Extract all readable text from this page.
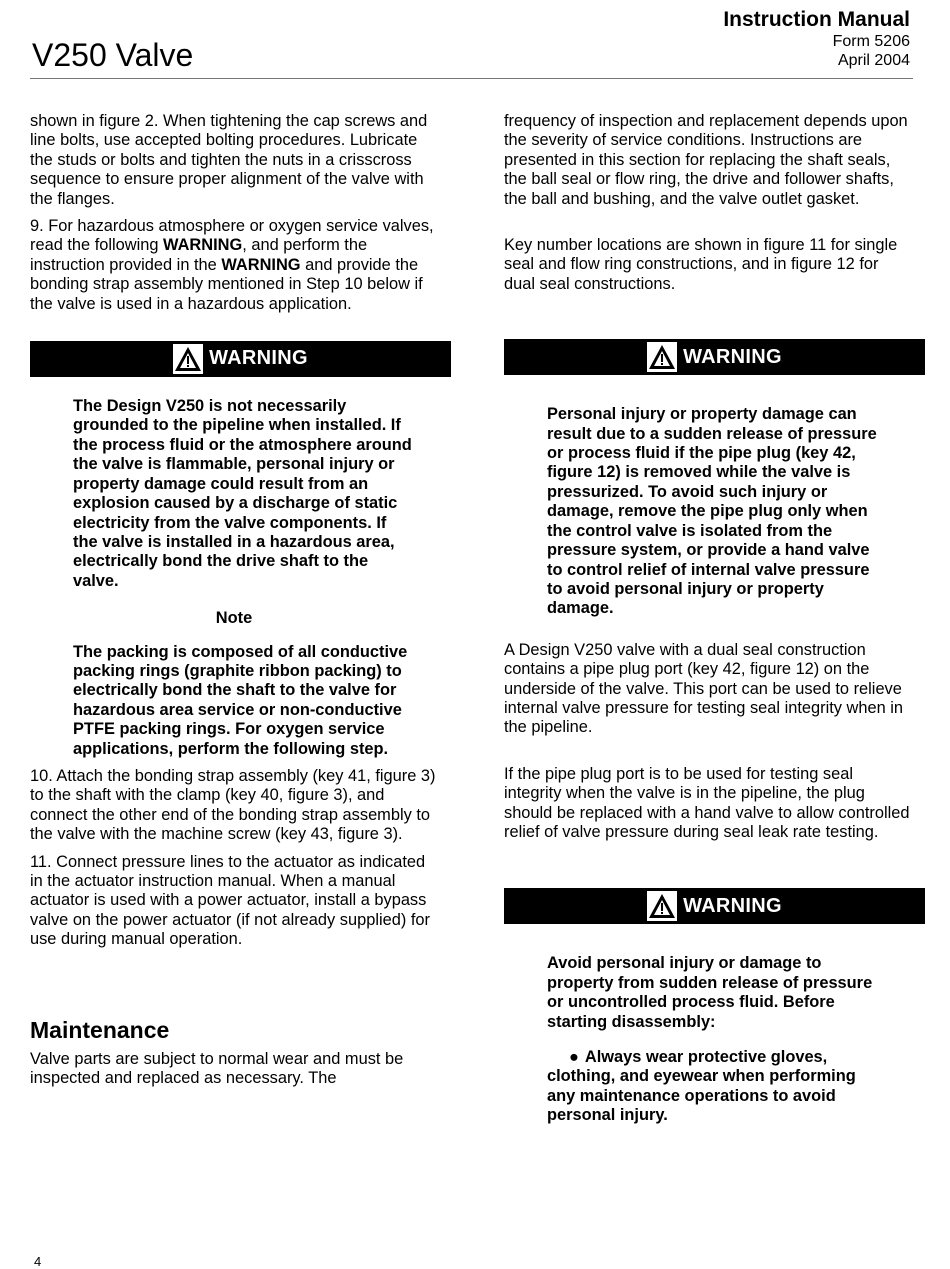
V250 Valve
Instruction Manual
Form 5206
April 2004

shown in figure 2. When tightening the cap screws and line bolts, use accepted bolting procedures. Lubricate the studs or bolts and tighten the nuts in a crisscross sequence to ensure proper alignment of the valve with the flanges.

9. For hazardous atmosphere or oxygen service valves, read the following WARNING, and perform the instruction provided in the WARNING and provide the bonding strap assembly mentioned in Step 10 below if the valve is used in a hazardous application.

WARNING

The Design V250 is not necessarily grounded to the pipeline when installed. If the process fluid or the atmosphere around the valve is flammable, personal injury or property damage could result from an explosion caused by a discharge of static electricity from the valve components. If the valve is installed in a hazardous area, electrically bond the drive shaft to the valve.

Note

The packing is composed of all conductive packing rings (graphite ribbon packing) to electrically bond the shaft to the valve for hazardous area service or non-conductive PTFE packing rings. For oxygen service applications, perform the following step.

10. Attach the bonding strap assembly (key 41, figure 3) to the shaft with the clamp (key 40, figure 3), and connect the other end of the bonding strap assembly to the valve with the machine screw (key 43, figure 3).

11. Connect pressure lines to the actuator as indicated in the actuator instruction manual. When a manual actuator is used with a power actuator, install a bypass valve on the power actuator (if not already supplied) for use during manual operation.

Maintenance

Valve parts are subject to normal wear and must be inspected and replaced as necessary. The

frequency of inspection and replacement depends upon the severity of service conditions. Instructions are presented in this section for replacing the shaft seals, the ball seal or flow ring, the drive and follower shafts, the ball and bushing, and the valve outlet gasket.

Key number locations are shown in figure 11 for single seal and flow ring constructions, and in figure 12 for dual seal constructions.

WARNING

Personal injury or property damage can result due to a sudden release of pressure or process fluid if the pipe plug (key 42, figure 12) is removed while the valve is pressurized. To avoid such injury or damage, remove the pipe plug only when the control valve is isolated from the pressure system, or provide a hand valve to control relief of internal valve pressure to avoid personal injury or property damage.

A Design V250 valve with a dual seal construction contains a pipe plug port (key 42, figure 12) on the underside of the valve. This port can be used to relieve internal valve pressure for testing seal integrity when in the pipeline.

If the pipe plug port is to be used for testing seal integrity when the valve is in the pipeline, the plug should be replaced with a hand valve to allow controlled relief of valve pressure during seal leak rate testing.

WARNING

Avoid personal injury or damage to property from sudden release of pressure or uncontrolled process fluid. Before starting disassembly:

● Always wear protective gloves, clothing, and eyewear when performing any maintenance operations to avoid personal injury.

4
